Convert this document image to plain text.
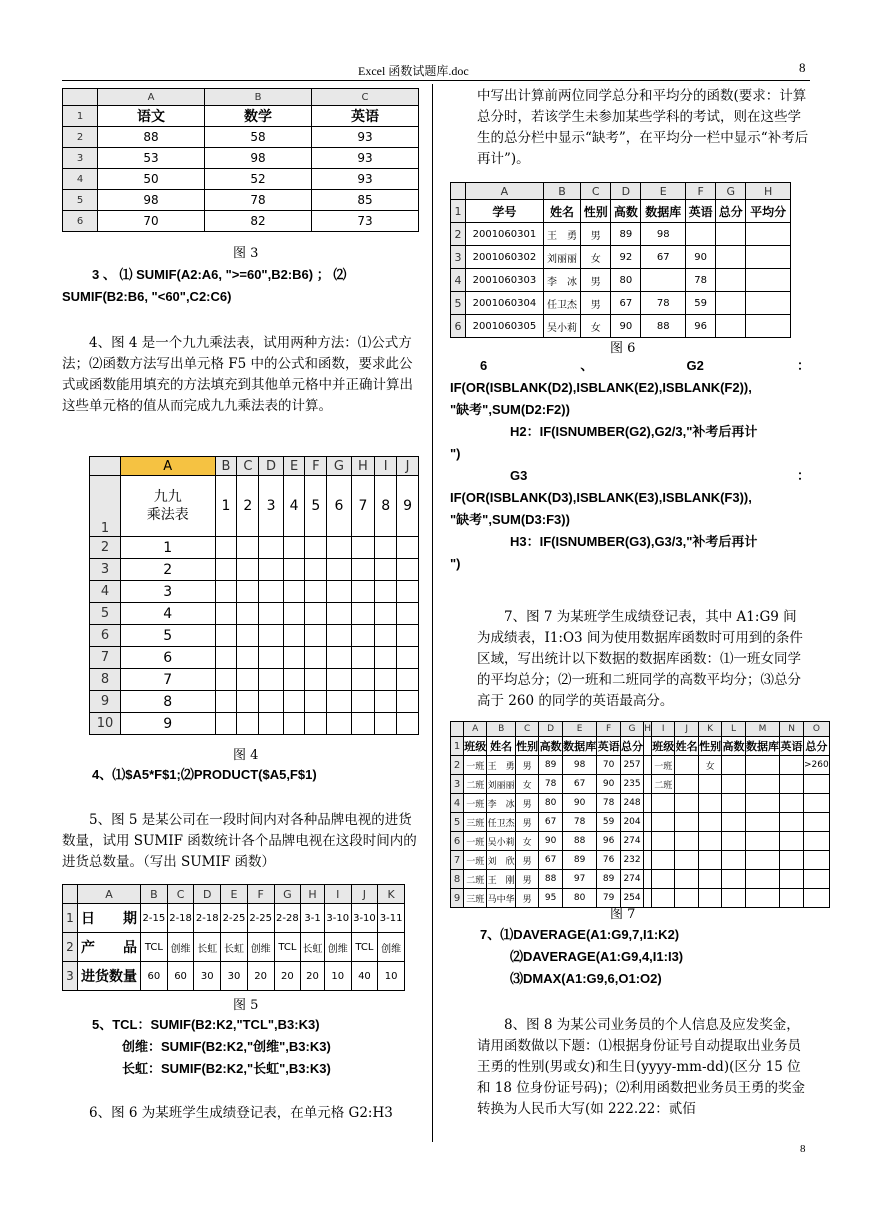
Excel 函数试题库.doc	8
8
	A	B	C
1	语文	数学	英语
2	88	58	93
3	53	98	93
4	50	52	93
5	98	78	85
6	70	82	73
图 3
3 、 ⑴ SUMIF(A2:A6, ">=60",B2:B6) ； ⑵
SUMIF(B2:B6, "<60",C2:C6)

4、图 4 是一个九九乘法表，试用两种方法：⑴公式方法；⑵函数方法写出单元格 F5 中的公式和函数，要求此公式或函数能用填充的方法填充到其他单元格中并正确计算出这些单元格的值从而完成九九乘法表的计算。

	A	B	C	D	E	F	G	H	I	J
1	九九
乘法表	1	2	3	4	5	6	7	8	9
2	1									
3	2									
4	3									
5	4									
6	5									
7	6									
8	7									
9	8									
10	9									
图 4
4、⑴$A5*F$1;⑵PRODUCT($A5,F$1)

5、图 5 是某公司在一段时间内对各种品牌电视的进货数量，试用 SUMIF 函数统计各个品牌电视在这段时间内的进货总数量。（写出 SUMIF 函数）

	A	B	C	D	E	F	G	H	I	J	K
1	日　　期	2-15	2-18	2-18	2-25	2-25	2-28	3-1	3-10	3-10	3-11
2	产　　品	TCL	创维	长虹	长虹	创维	TCL	长虹	创维	TCL	创维
3	进货数量	60	60	30	30	20	20	20	10	40	10
图 5
5、TCL：SUMIF(B2:K2,"TCL",B3:K3)
创维：SUMIF(B2:K2,"创维",B3:K3)
长虹：SUMIF(B2:K2,"长虹",B3:K3)

6、图 6 为某班学生成绩登记表，在单元格 G2:H3

中写出计算前两位同学总分和平均分的函数(要求：计算总分时，若该学生未参加某些学科的考试，则在这些学生的总分栏中显示“缺考”，在平均分一栏中显示“补考后再计”)。

	A	B	C	D	E	F	G	H
1	学号	姓名	性别	高数	数据库	英语	总分	平均分
2	2001060301	王　勇	男	89	98			
3	2001060302	刘丽丽	女	92	67	90		
4	2001060303	李　冰	男	80		78		
5	2001060304	任卫杰	男	67	78	59		
6	2001060305	吴小莉	女	90	88	96		
图 6
6	、	G2	：
IF(OR(ISBLANK(D2),ISBLANK(E2),ISBLANK(F2)),
"缺考",SUM(D2:F2))
H2：IF(ISNUMBER(G2),G2/3,"补考后再计
")
G3	：
IF(OR(ISBLANK(D3),ISBLANK(E3),ISBLANK(F3)),
"缺考",SUM(D3:F3))
H3：IF(ISNUMBER(G3),G3/3,"补考后再计
")

7、图 7 为某班学生成绩登记表，其中 A1:G9 间为成绩表，I1:O3 间为使用数据库函数时可用到的条件区域，写出统计以下数据的数据库函数：⑴一班女同学的平均总分；⑵一班和二班同学的高数平均分；⑶总分高于 260 的同学的英语最高分。

	A	B	C	D	E	F	G	H	I	J	K	L	M	N	O
1	班级	姓名	性别	高数	数据库	英语	总分		班级	姓名	性别	高数	数据库	英语	总分
2	一班	王　勇	男	89	98	70	257		一班		女				>260
3	二班	刘丽丽	女	78	67	90	235		二班						
4	一班	李　冰	男	80	90	78	248								
5	三班	任卫杰	男	67	78	59	204								
6	一班	吴小莉	女	90	88	96	274								
7	一班	刘　欣	男	67	89	76	232								
8	二班	王　刚	男	88	97	89	274								
9	三班	马中华	男	95	80	79	254								
图 7
7、⑴DAVERAGE(A1:G9,7,I1:K2)
⑵DAVERAGE(A1:G9,4,I1:I3)
⑶DMAX(A1:G9,6,O1:O2)

8、图 8 为某公司业务员的个人信息及应发奖金，请用函数做以下题：⑴根据身份证号自动提取出业务员王勇的性别(男或女)和生日(yyyy-mm-dd)(区分 15 位和 18 位身份证号码)；⑵利用函数把业务员王勇的奖金转换为人民币大写(如 222.22：贰佰
